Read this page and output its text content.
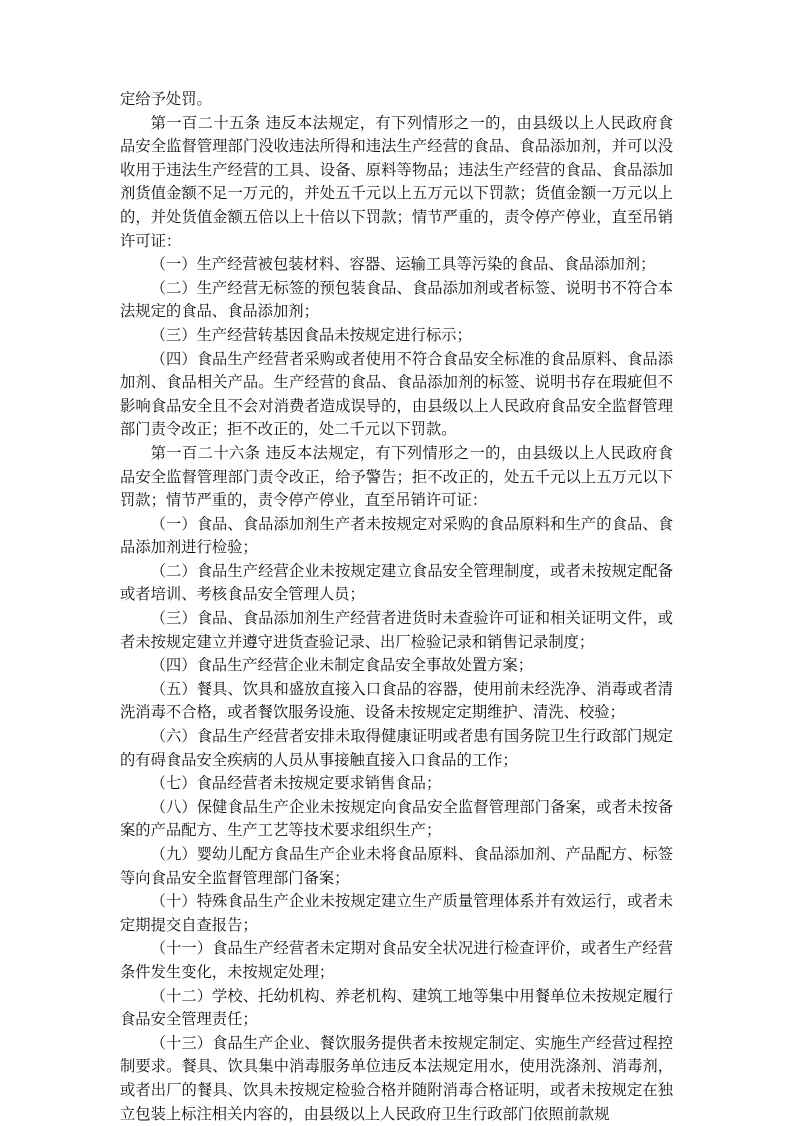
定给予处罚。

第一百二十五条 违反本法规定，有下列情形之一的，由县级以上人民政府食品安全监督管理部门没收违法所得和违法生产经营的食品、食品添加剂，并可以没收用于违法生产经营的工具、设备、原料等物品；违法生产经营的食品、食品添加剂货值金额不足一万元的，并处五千元以上五万元以下罚款；货值金额一万元以上的，并处货值金额五倍以上十倍以下罚款；情节严重的，责令停产停业，直至吊销许可证：

（一）生产经营被包装材料、容器、运输工具等污染的食品、食品添加剂；

（二）生产经营无标签的预包装食品、食品添加剂或者标签、说明书不符合本法规定的食品、食品添加剂；

（三）生产经营转基因食品未按规定进行标示；

（四）食品生产经营者采购或者使用不符合食品安全标准的食品原料、食品添加剂、食品相关产品。生产经营的食品、食品添加剂的标签、说明书存在瑕疵但不影响食品安全且不会对消费者造成误导的，由县级以上人民政府食品安全监督管理部门责令改正；拒不改正的，处二千元以下罚款。

第一百二十六条 违反本法规定，有下列情形之一的，由县级以上人民政府食品安全监督管理部门责令改正，给予警告；拒不改正的，处五千元以上五万元以下罚款；情节严重的，责令停产停业，直至吊销许可证：

（一）食品、食品添加剂生产者未按规定对采购的食品原料和生产的食品、食品添加剂进行检验；

（二）食品生产经营企业未按规定建立食品安全管理制度，或者未按规定配备或者培训、考核食品安全管理人员；

（三）食品、食品添加剂生产经营者进货时未查验许可证和相关证明文件，或者未按规定建立并遵守进货查验记录、出厂检验记录和销售记录制度；

（四）食品生产经营企业未制定食品安全事故处置方案；

（五）餐具、饮具和盛放直接入口食品的容器，使用前未经洗净、消毒或者清洗消毒不合格，或者餐饮服务设施、设备未按规定定期维护、清洗、校验；

（六）食品生产经营者安排未取得健康证明或者患有国务院卫生行政部门规定的有碍食品安全疾病的人员从事接触直接入口食品的工作；

（七）食品经营者未按规定要求销售食品；

（八）保健食品生产企业未按规定向食品安全监督管理部门备案，或者未按备案的产品配方、生产工艺等技术要求组织生产；

（九）婴幼儿配方食品生产企业未将食品原料、食品添加剂、产品配方、标签等向食品安全监督管理部门备案；

（十）特殊食品生产企业未按规定建立生产质量管理体系并有效运行，或者未定期提交自查报告；

（十一）食品生产经营者未定期对食品安全状况进行检查评价，或者生产经营条件发生变化，未按规定处理；

（十二）学校、托幼机构、养老机构、建筑工地等集中用餐单位未按规定履行食品安全管理责任；

（十三）食品生产企业、餐饮服务提供者未按规定制定、实施生产经营过程控制要求。餐具、饮具集中消毒服务单位违反本法规定用水，使用洗涤剂、消毒剂，或者出厂的餐具、饮具未按规定检验合格并随附消毒合格证明，或者未按规定在独立包装上标注相关内容的，由县级以上人民政府卫生行政部门依照前款规
